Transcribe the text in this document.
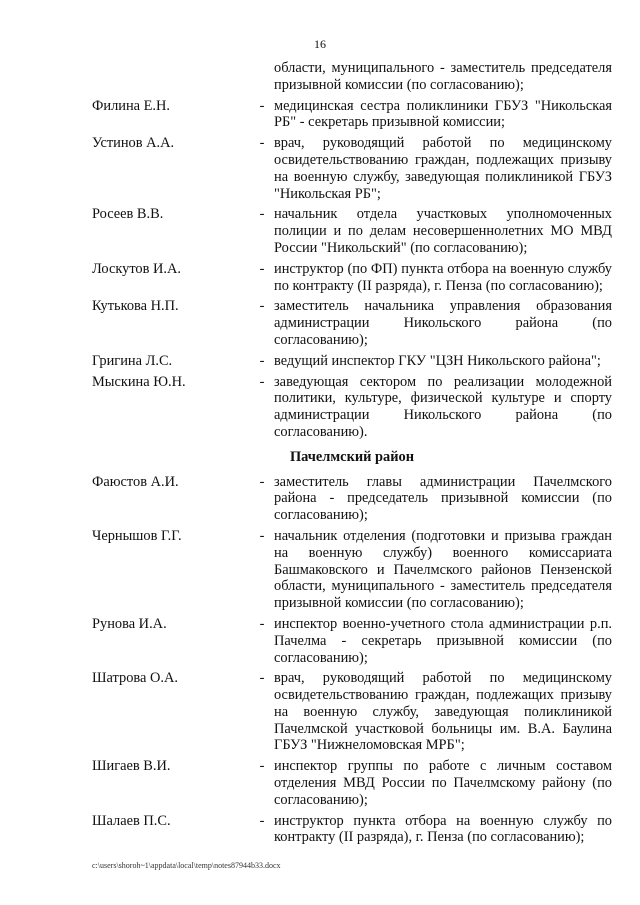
16
области, муниципального - заместитель председателя призывной комиссии (по согласованию);
Филина Е.Н.	- медицинская сестра поликлиники ГБУЗ "Никольская РБ" - секретарь призывной комиссии;
Устинов А.А.	- врач, руководящий работой по медицинскому освидетельствованию граждан, подлежащих призыву на военную службу, заведующая поликлиникой ГБУЗ "Никольская РБ";
Росеев В.В.	- начальник отдела участковых уполномоченных полиции и по делам несовершеннолетних МО МВД России "Никольский" (по согласованию);
Лоскутов И.А.	- инструктор (по ФП) пункта отбора на военную службу по контракту (II разряда), г. Пенза (по согласованию);
Кутькова Н.П.	- заместитель начальника управления образования администрации Никольского района (по согласованию);
Григина Л.С.	- ведущий инспектор ГКУ "ЦЗН Никольского района";
Мыскина Ю.Н.	- заведующая сектором по реализации молодежной политики, культуре, физической культуре и спорту администрации Никольского района (по согласованию).
Пачелмский район
Фаюстов А.И.	- заместитель главы администрации Пачелмского района - председатель призывной комиссии (по согласованию);
Чернышов Г.Г.	- начальник отделения (подготовки и призыва граждан на военную службу) военного комиссариата Башмаковского и Пачелмского районов Пензенской области, муниципального - заместитель председателя призывной комиссии (по согласованию);
Рунова И.А.	- инспектор военно-учетного стола администрации р.п. Пачелма - секретарь призывной комиссии (по согласованию);
Шатрова О.А.	- врач, руководящий работой по медицинскому освидетельствованию граждан, подлежащих призыву на военную службу, заведующая поликлиникой Пачелмской участковой больницы им. В.А. Баулина ГБУЗ "Нижнеломовская МРБ";
Шигаев В.И.	- инспектор группы по работе с личным составом отделения МВД России по Пачелмскому району (по согласованию);
Шалаев П.С.	- инструктор пункта отбора на военную службу по контракту (II разряда), г. Пенза (по согласованию);
c:\users\shoroh~1\appdata\local\temp\notes87944b33.docx
